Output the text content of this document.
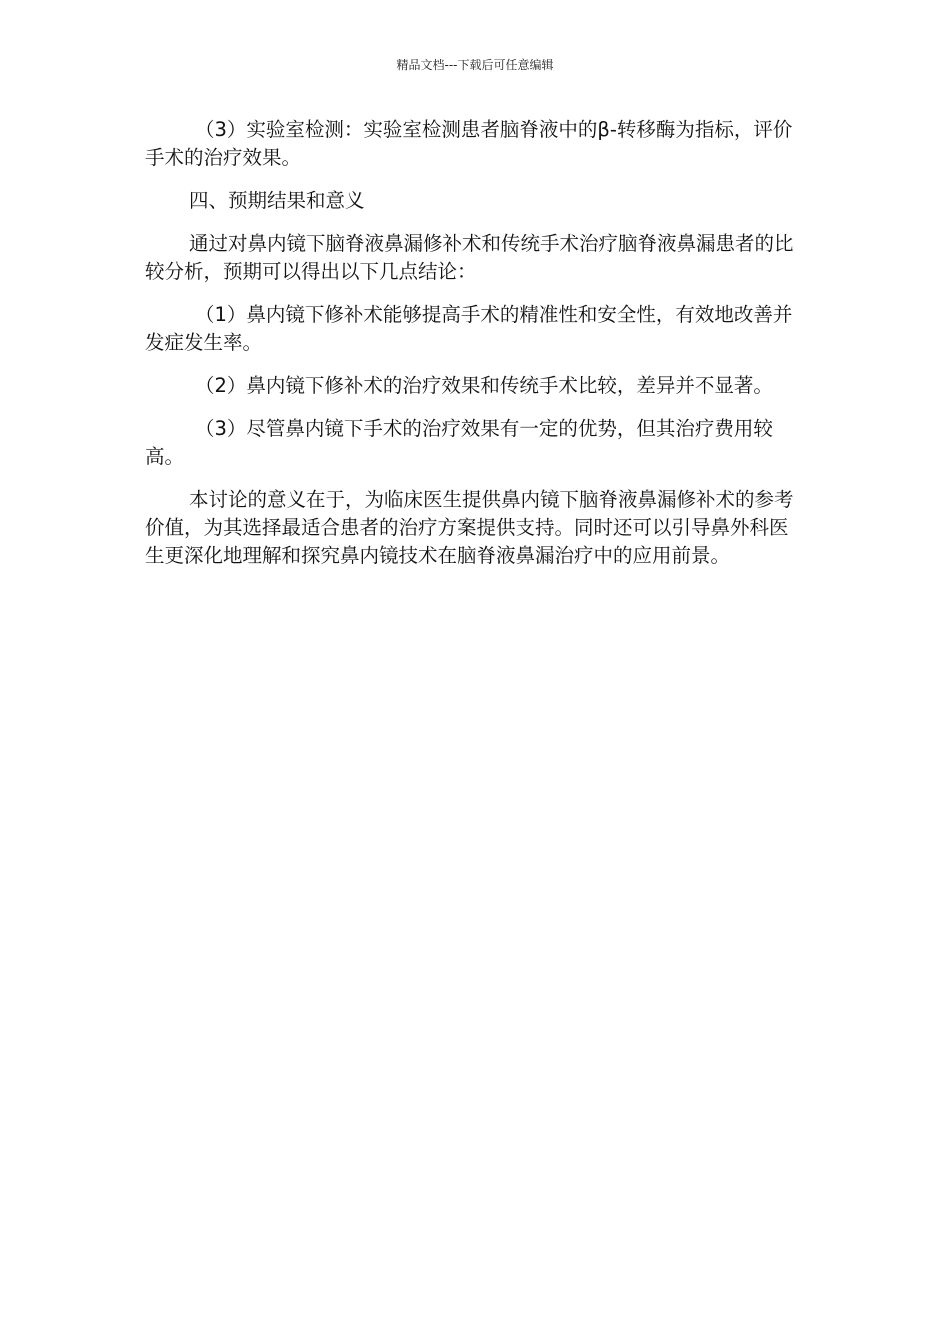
精品文档---下载后可任意编辑

（3）实验室检测：实验室检测患者脑脊液中的β-转移酶为指标，评价手术的治疗效果。

四、预期结果和意义

通过对鼻内镜下脑脊液鼻漏修补术和传统手术治疗脑脊液鼻漏患者的比较分析，预期可以得出以下几点结论：

（1）鼻内镜下修补术能够提高手术的精准性和安全性，有效地改善并发症发生率。

（2）鼻内镜下修补术的治疗效果和传统手术比较，差异并不显著。

（3）尽管鼻内镜下手术的治疗效果有一定的优势，但其治疗费用较高。

本讨论的意义在于，为临床医生提供鼻内镜下脑脊液鼻漏修补术的参考价值，为其选择最适合患者的治疗方案提供支持。同时还可以引导鼻外科医生更深化地理解和探究鼻内镜技术在脑脊液鼻漏治疗中的应用前景。
